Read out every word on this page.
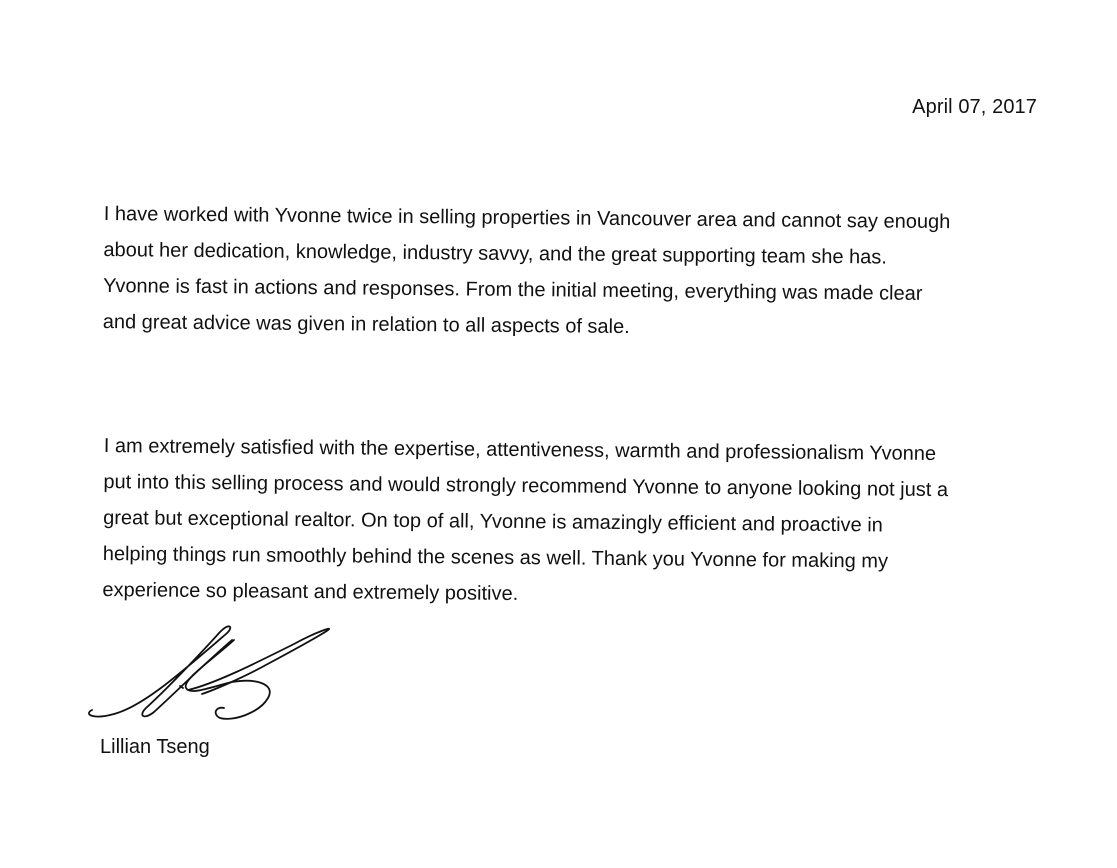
April 07, 2017
I have worked with Yvonne twice in selling properties in Vancouver area and cannot say enough
about her dedication, knowledge, industry savvy, and the great supporting team she has.
Yvonne is fast in actions and responses. From the initial meeting, everything was made clear
and great advice was given in relation to all aspects of sale.
I am extremely satisfied with the expertise, attentiveness, warmth and professionalism Yvonne
put into this selling process and would strongly recommend Yvonne to anyone looking not just a
great but exceptional realtor. On top of all, Yvonne is amazingly efficient and proactive in
helping things run smoothly behind the scenes as well. Thank you Yvonne for making my
experience so pleasant and extremely positive.
Lillian Tseng
